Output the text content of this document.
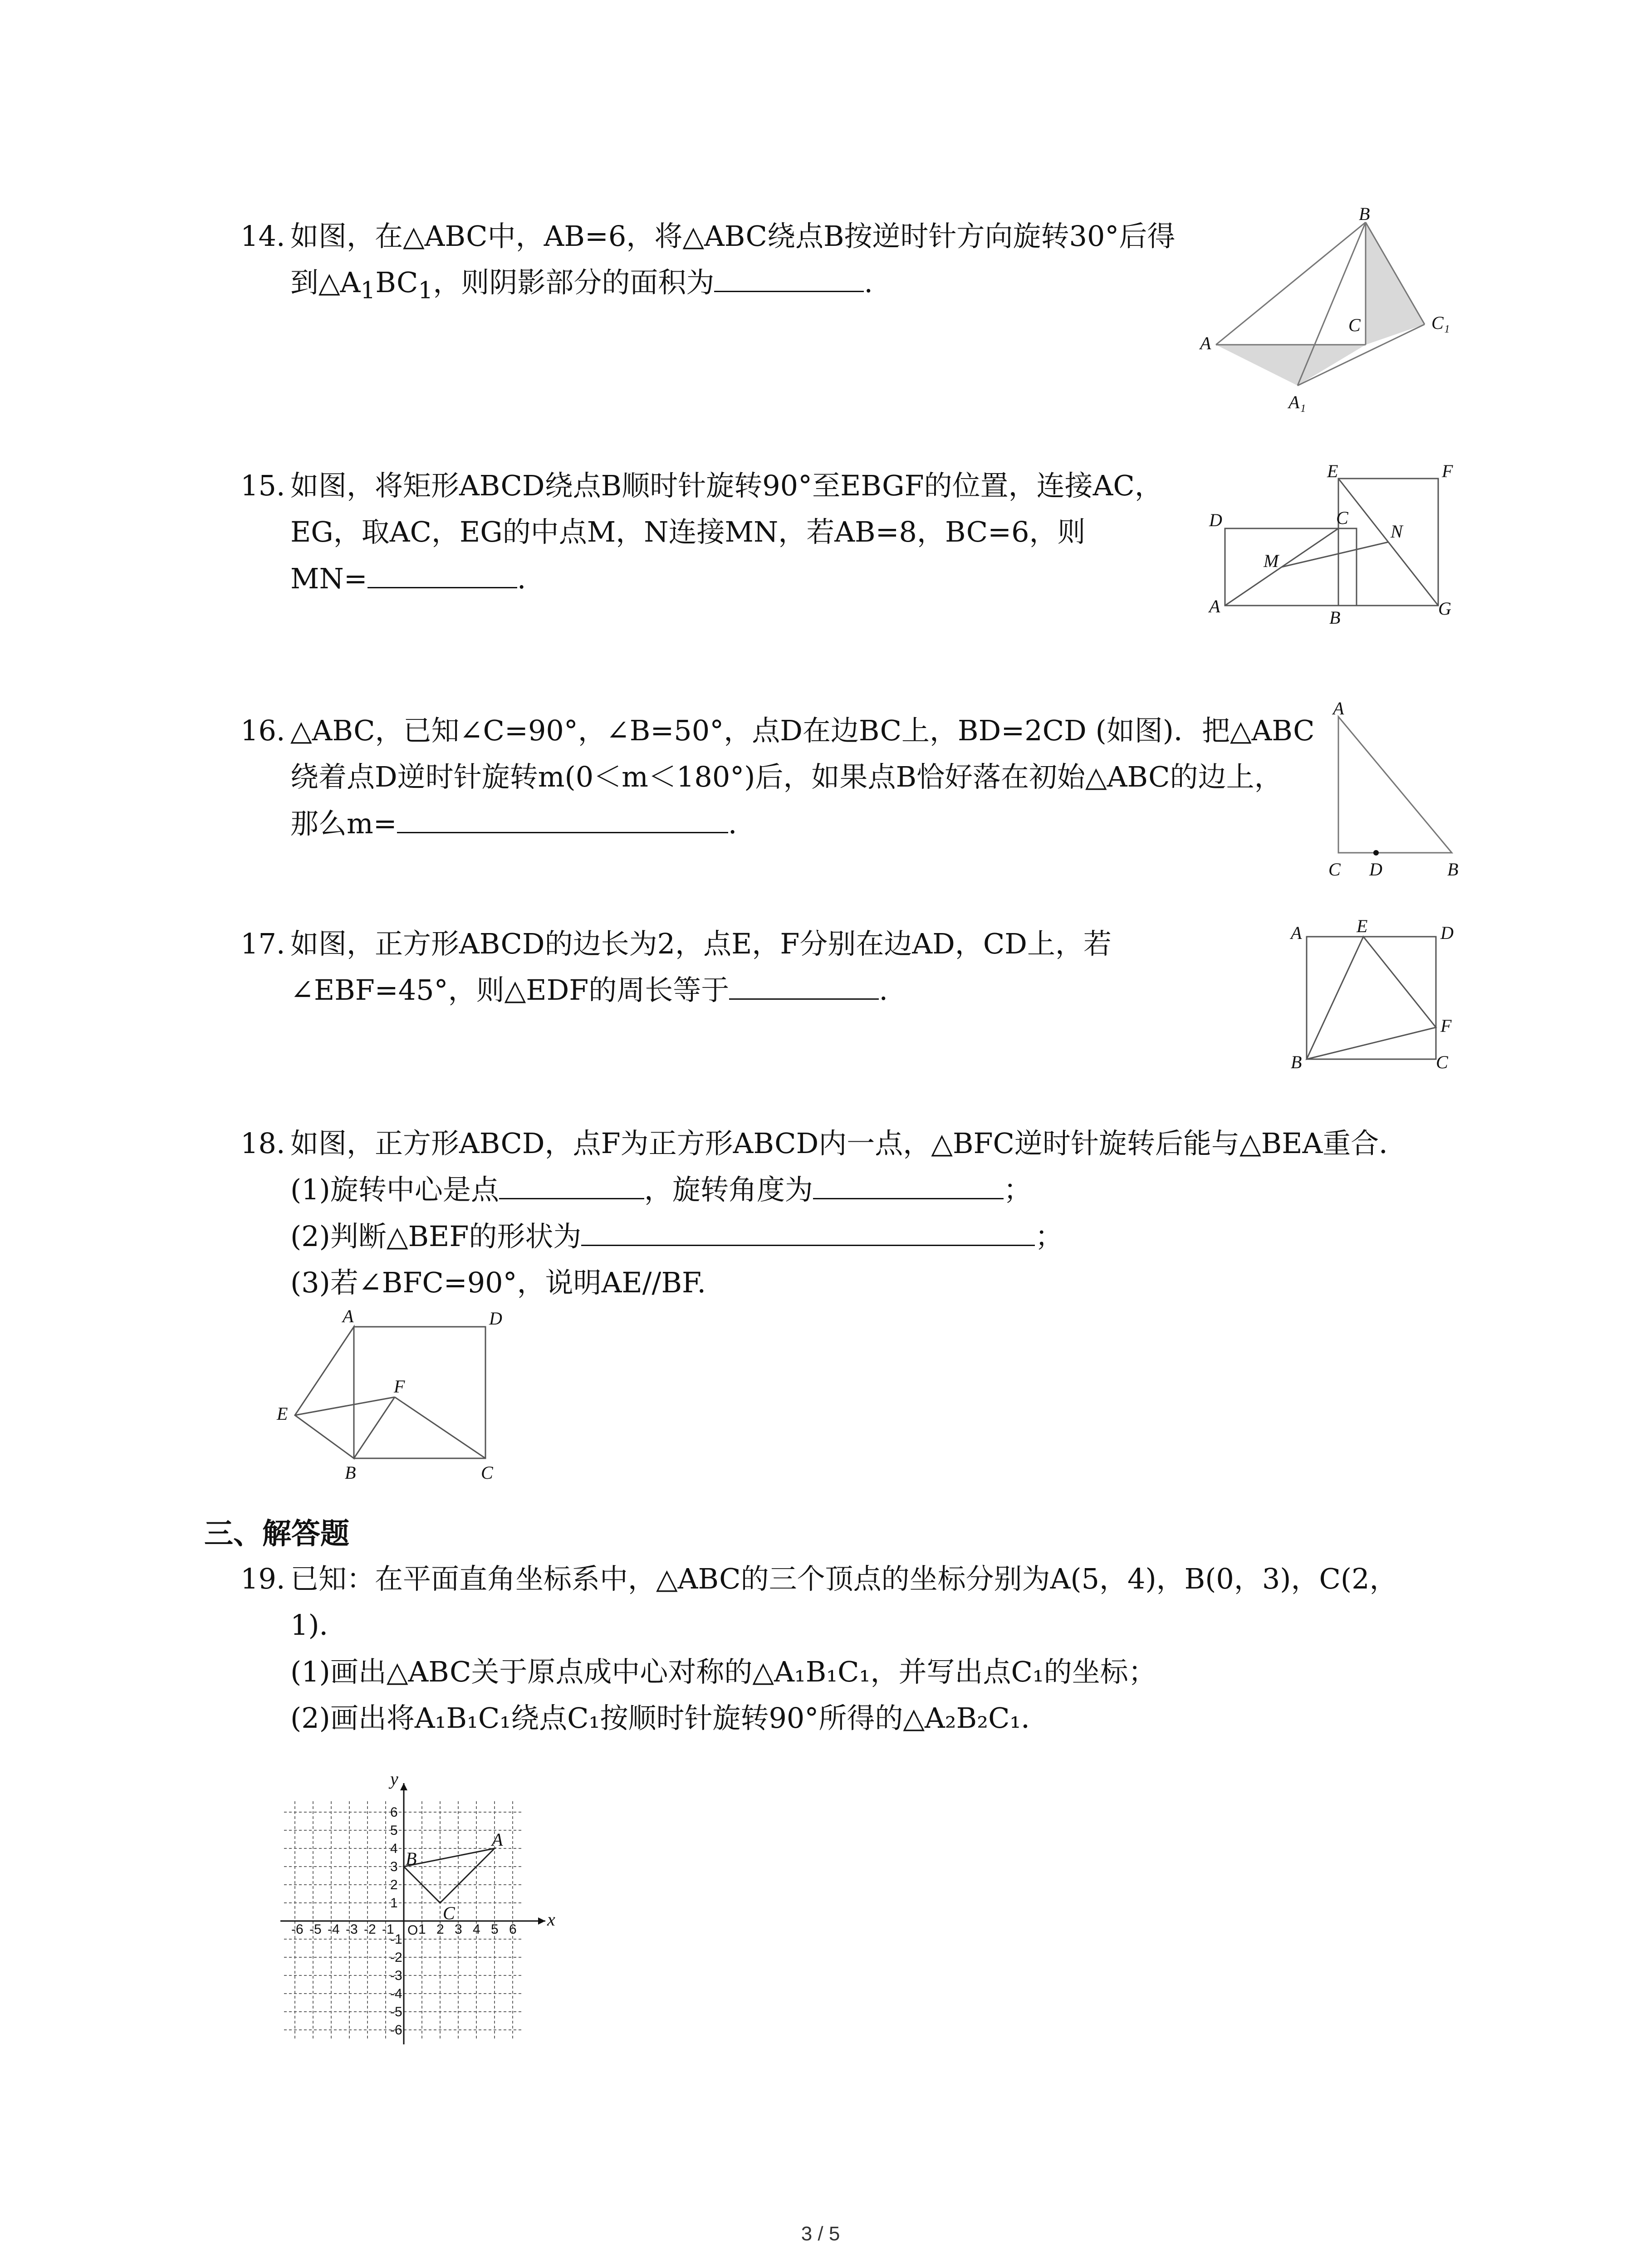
14. 如图，在△ABC中，AB=6，将△ABC绕点B按逆时针方向旋转30°后得
到$\triangle A_1BC_1$，则阴影部分的面积为	.
B
A
C	C₁
A₁
15. 如图，将矩形ABCD绕点B顺时针旋转90°至EBGF的位置，连接AC，
EG，取AC，EG的中点M，N连接MN，若AB=8，BC=6，则
MN=	.
A
B
C
D
E	F
G
M
N
16. △ABC，已知∠C=90°，∠B=50°，点D在边BC上，BD=2CD (如图)．把△ABC
绕着点D逆时针旋转m(0＜m＜180°)后，如果点B恰好落在初始△ABC的边上，
那么m=	.
A
C D	B
17. 如图，正方形ABCD的边长为2，点E，F分别在边AD，CD上，若
∠EBF=45°，则△EDF的周长等于	.
A	E	D
F
B	C
18. 如图，正方形ABCD，点F为正方形ABCD内一点，△BFC逆时针旋转后能与△BEA重合．
(1)旋转中心是点	，旋转角度为	；
(2)判断△BEF的形状为	；
(3)若∠BFC=90°，说明AE//BF.
A	D
E
F
B	C
三、解答题
19. 已知：在平面直角坐标系中，△ABC的三个顶点的坐标分别为A(5，4)，B(0，3)，C(2，
1)．
(1)画出△ABC关于原点成中心对称的△A₁B₁C₁，并写出点C₁的坐标；
(2)画出将A₁B₁C₁绕点C₁按顺时针旋转90°所得的△A₂B₂C₁．
-6 -5 -4 -3 -2 -1 1 2 3 4 5 6
6
5
4
3
2
1
-1
-2
-3
-4
-5
-6
x
y
O
B
C
A
3 / 5
